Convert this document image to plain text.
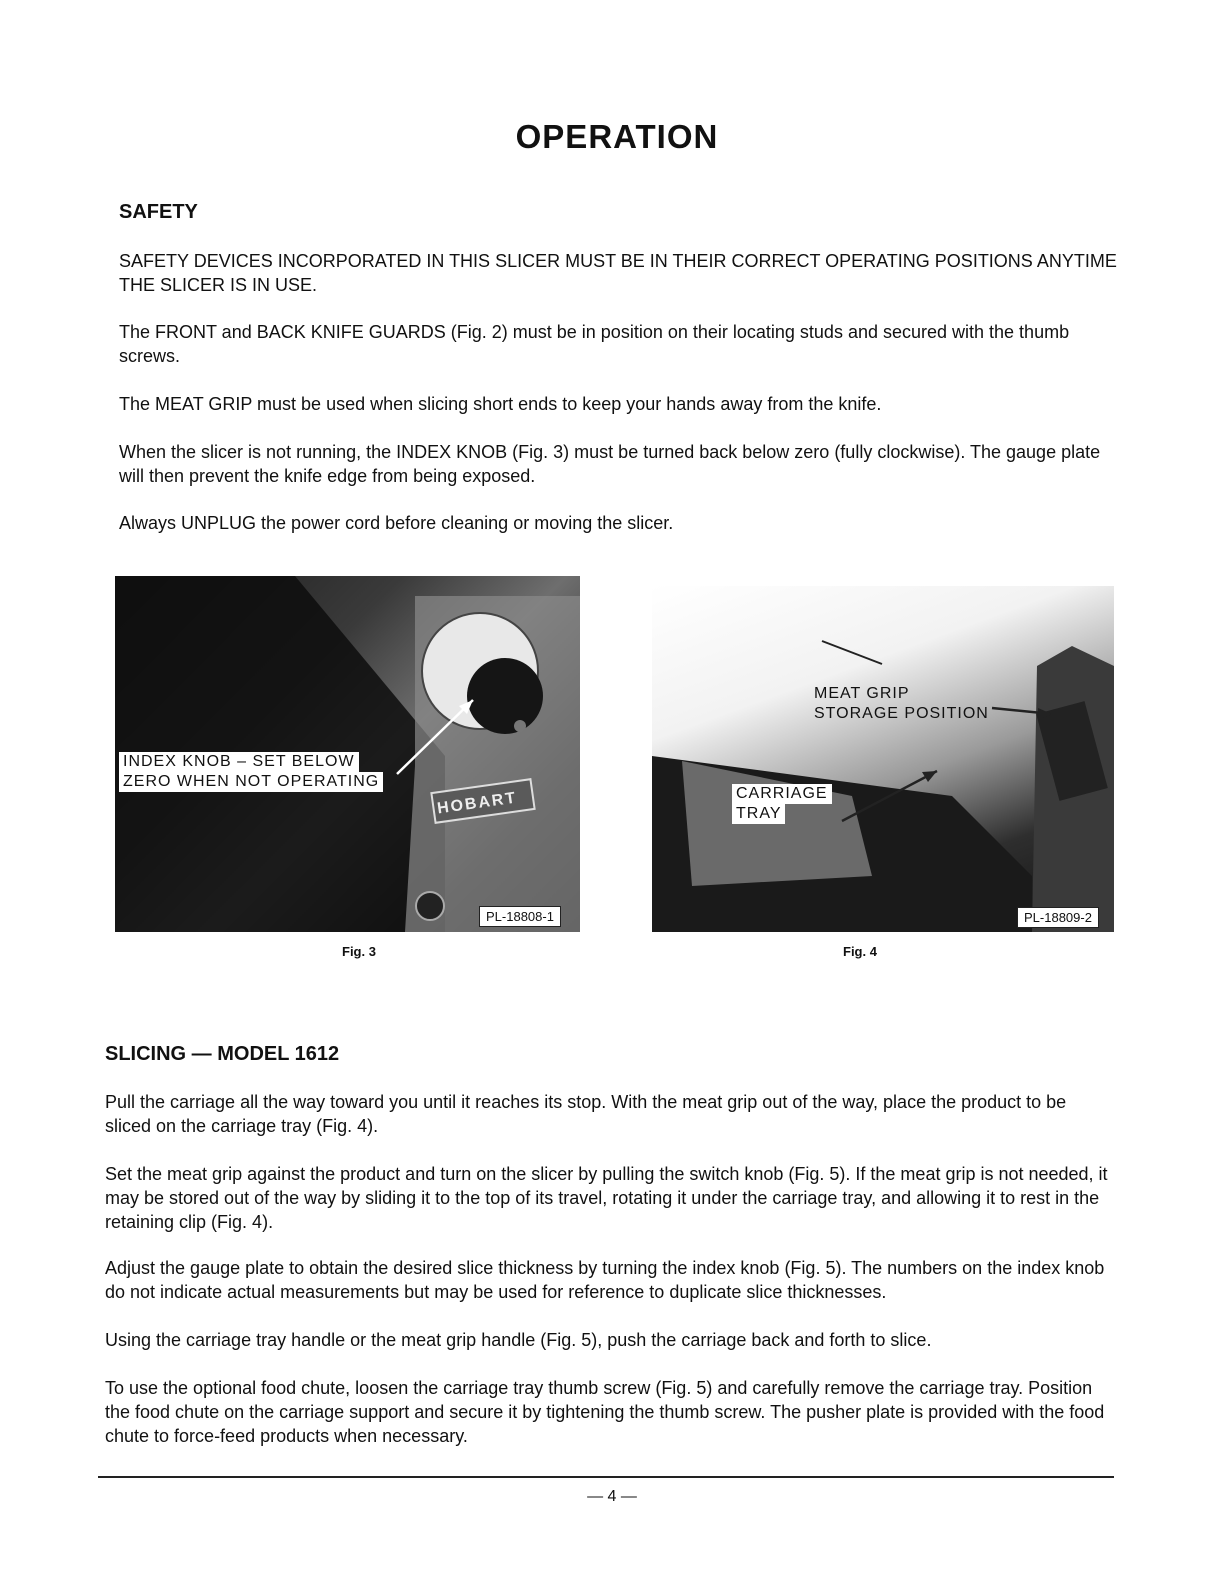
OPERATION
SAFETY

SAFETY DEVICES INCORPORATED IN THIS SLICER MUST BE IN THEIR CORRECT OPERATING POSITIONS ANYTIME THE SLICER IS IN USE.

The FRONT and BACK KNIFE GUARDS (Fig. 2) must be in position on their locating studs and secured with the thumb screws.

The MEAT GRIP must be used when slicing short ends to keep your hands away from the knife.

When the slicer is not running, the INDEX KNOB (Fig. 3) must be turned back below zero (fully clockwise). The gauge plate will then prevent the knife edge from being exposed.

Always UNPLUG the power cord before cleaning or moving the slicer.

INDEX KNOB – SET BELOW
ZERO WHEN NOT OPERATING
HOBART
PL-18808-1
Fig. 3
MEAT GRIP
STORAGE POSITION
CARRIAGE
TRAY
PL-18809-2
Fig. 4
SLICING — MODEL 1612

Pull the carriage all the way toward you until it reaches its stop. With the meat grip out of the way, place the product to be sliced on the carriage tray (Fig. 4).

Set the meat grip against the product and turn on the slicer by pulling the switch knob (Fig. 5). If the meat grip is not needed, it may be stored out of the way by sliding it to the top of its travel, rotating it under the carriage tray, and allowing it to rest in the retaining clip (Fig. 4).

Adjust the gauge plate to obtain the desired slice thickness by turning the index knob (Fig. 5). The numbers on the index knob do not indicate actual measurements but may be used for reference to duplicate slice thicknesses.

Using the carriage tray handle or the meat grip handle (Fig. 5), push the carriage back and forth to slice.

To use the optional food chute, loosen the carriage tray thumb screw (Fig. 5) and carefully remove the carriage tray. Position the food chute on the carriage support and secure it by tightening the thumb screw. The pusher plate is provided with the food chute to force-feed products when necessary.

— 4 —
